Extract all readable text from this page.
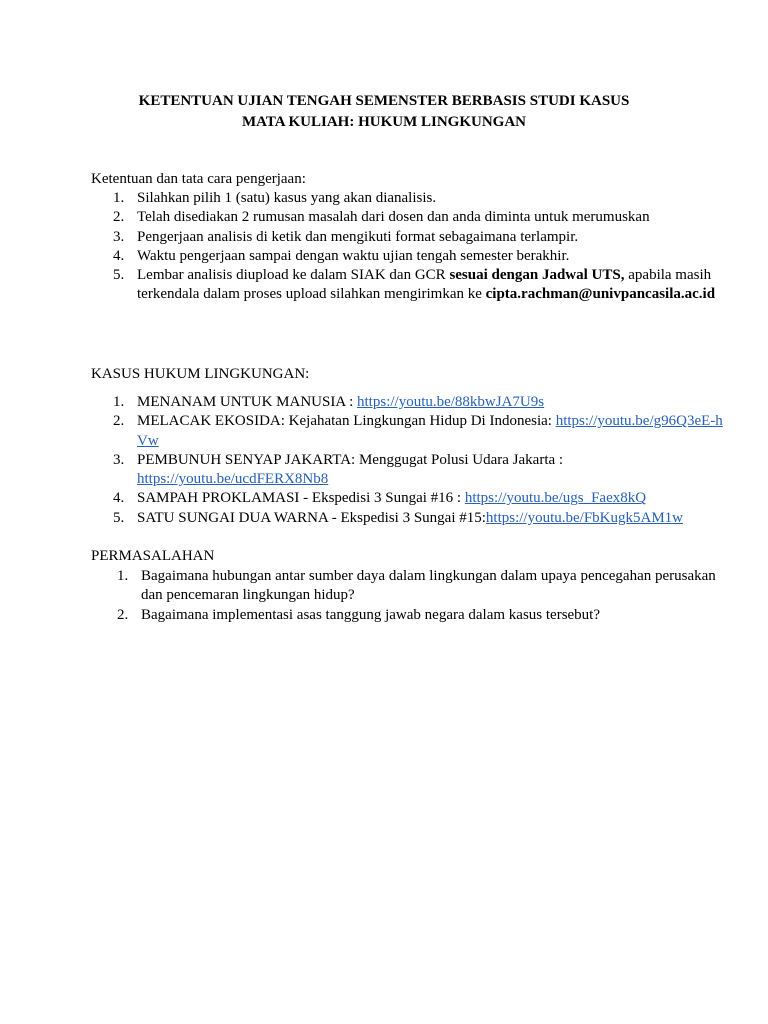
KETENTUAN UJIAN TENGAH SEMENSTER BERBASIS STUDI KASUS
MATA KULIAH: HUKUM LINGKUNGAN
Ketentuan dan tata cara pengerjaan:
1. Silahkan pilih 1 (satu) kasus yang akan dianalisis.
2. Telah disediakan 2 rumusan masalah dari dosen dan anda diminta untuk merumuskan
3. Pengerjaan analisis di ketik dan mengikuti format sebagaimana terlampir.
4. Waktu pengerjaan sampai dengan waktu ujian tengah semester berakhir.
5. Lembar analisis diupload ke dalam SIAK dan GCR sesuai dengan Jadwal UTS, apabila masih terkendala dalam proses upload silahkan mengirimkan ke cipta.rachman@univpancasila.ac.id
KASUS HUKUM LINGKUNGAN:
1. MENANAM UNTUK MANUSIA : https://youtu.be/88kbwJA7U9s
2. MELACAK EKOSIDA: Kejahatan Lingkungan Hidup Di Indonesia: https://youtu.be/g96Q3eE-hVw
3. PEMBUNUH SENYAP JAKARTA: Menggugat Polusi Udara Jakarta : https://youtu.be/ucdFERX8Nb8
4. SAMPAH PROKLAMASI - Ekspedisi 3 Sungai #16 : https://youtu.be/ugs_Faex8kQ
5. SATU SUNGAI DUA WARNA - Ekspedisi 3 Sungai #15:https://youtu.be/FbKugk5AM1w
PERMASALAHAN
1. Bagaimana hubungan antar sumber daya dalam lingkungan dalam upaya pencegahan perusakan dan pencemaran lingkungan hidup?
2. Bagaimana implementasi asas tanggung jawab negara dalam kasus tersebut?
